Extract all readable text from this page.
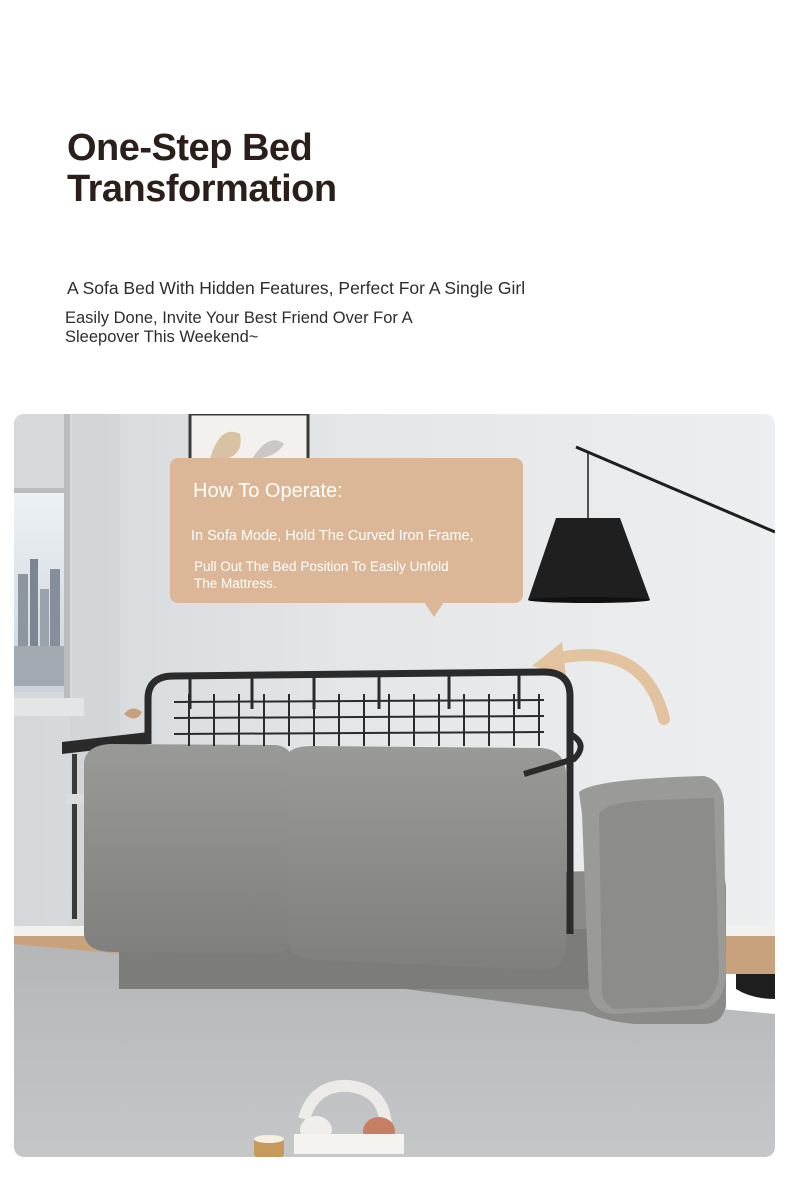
One-Step Bed Transformation

A Sofa Bed With Hidden Features, Perfect For A Single Girl

Easily Done, Invite Your Best Friend Over For A Sleepover This Weekend~

How To Operate:

In Sofa Mode, Hold The Curved Iron Frame,

Pull Out The Bed Position To Easily Unfold The Mattress.
